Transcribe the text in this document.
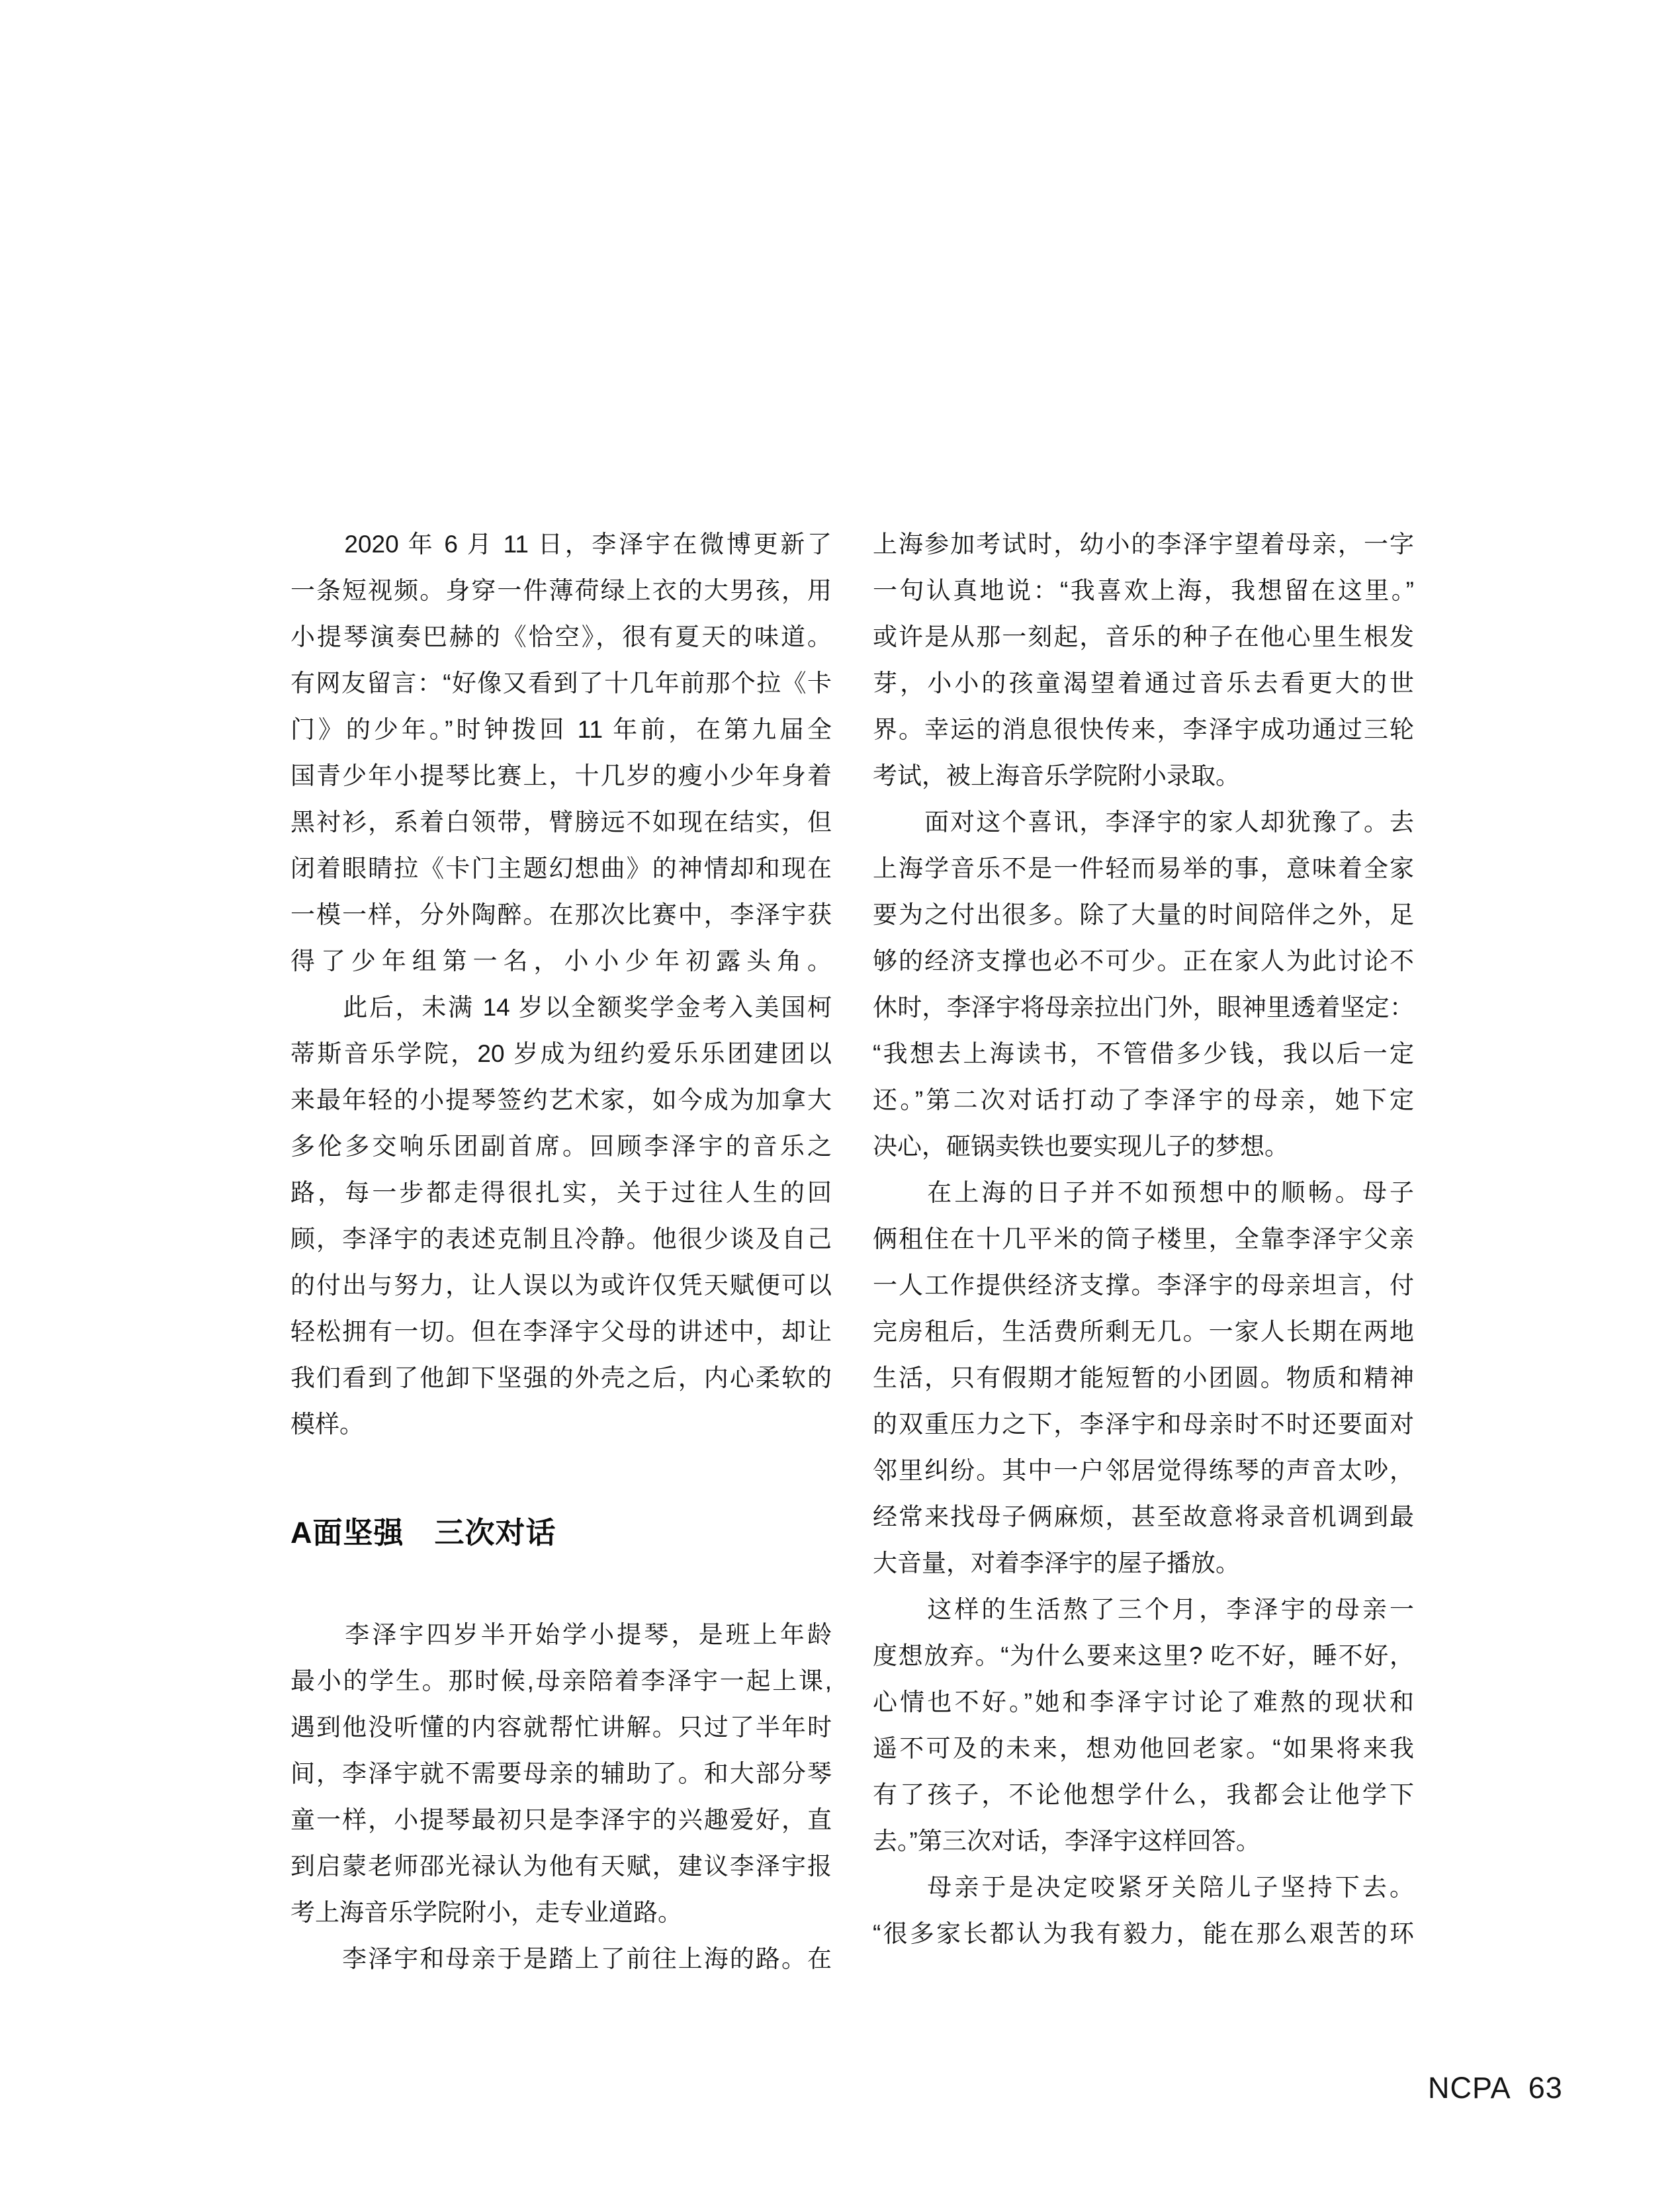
　　2020 年 6 月 11 日，李泽宇在微博更新了
一条短视频。身穿一件薄荷绿上衣的大男孩，用
小提琴演奏巴赫的《恰空》，很有夏天的味道。
有网友留言：“好像又看到了十几年前那个拉《卡
门》的少年。”时钟拨回 11 年前，在第九届全
国青少年小提琴比赛上，十几岁的瘦小少年身着
黑衬衫，系着白领带，臂膀远不如现在结实，但
闭着眼睛拉《卡门主题幻想曲》的神情却和现在
一模一样，分外陶醉。在那次比赛中，李泽宇获
得了少年组第一名，小小少年初露头角。
　　此后，未满 14 岁以全额奖学金考入美国柯
蒂斯音乐学院，20 岁成为纽约爱乐乐团建团以
来最年轻的小提琴签约艺术家，如今成为加拿大
多伦多交响乐团副首席。回顾李泽宇的音乐之
路，每一步都走得很扎实，关于过往人生的回
顾，李泽宇的表述克制且冷静。他很少谈及自己
的付出与努力，让人误以为或许仅凭天赋便可以
轻松拥有一切。但在李泽宇父母的讲述中，却让
我们看到了他卸下坚强的外壳之后，内心柔软的
模样。
A面坚强　三次对话
　　李泽宇四岁半开始学小提琴，是班上年龄
最小的学生。那时候,母亲陪着李泽宇一起上课,
遇到他没听懂的内容就帮忙讲解。只过了半年时
间，李泽宇就不需要母亲的辅助了。和大部分琴
童一样，小提琴最初只是李泽宇的兴趣爱好，直
到启蒙老师邵光禄认为他有天赋，建议李泽宇报
考上海音乐学院附小，走专业道路。
　　李泽宇和母亲于是踏上了前往上海的路。在
上海参加考试时，幼小的李泽宇望着母亲，一字
一句认真地说：“我喜欢上海，我想留在这里。”
或许是从那一刻起，音乐的种子在他心里生根发
芽，小小的孩童渴望着通过音乐去看更大的世
界。幸运的消息很快传来，李泽宇成功通过三轮
考试，被上海音乐学院附小录取。
　　面对这个喜讯，李泽宇的家人却犹豫了。去
上海学音乐不是一件轻而易举的事，意味着全家
要为之付出很多。除了大量的时间陪伴之外，足
够的经济支撑也必不可少。正在家人为此讨论不
休时，李泽宇将母亲拉出门外，眼神里透着坚定：
“我想去上海读书，不管借多少钱，我以后一定
还。”第二次对话打动了李泽宇的母亲，她下定
决心，砸锅卖铁也要实现儿子的梦想。
　　在上海的日子并不如预想中的顺畅。母子
俩租住在十几平米的筒子楼里，全靠李泽宇父亲
一人工作提供经济支撑。李泽宇的母亲坦言，付
完房租后，生活费所剩无几。一家人长期在两地
生活，只有假期才能短暂的小团圆。物质和精神
的双重压力之下，李泽宇和母亲时不时还要面对
邻里纠纷。其中一户邻居觉得练琴的声音太吵，
经常来找母子俩麻烦，甚至故意将录音机调到最
大音量，对着李泽宇的屋子播放。
　　这样的生活熬了三个月，李泽宇的母亲一
度想放弃。“为什么要来这里? 吃不好，睡不好，
心情也不好。”她和李泽宇讨论了难熬的现状和
遥不可及的未来，想劝他回老家。“如果将来我
有了孩子，不论他想学什么，我都会让他学下
去。”第三次对话，李泽宇这样回答。
　　母亲于是决定咬紧牙关陪儿子坚持下去。
“很多家长都认为我有毅力，能在那么艰苦的环
NCPA 63
